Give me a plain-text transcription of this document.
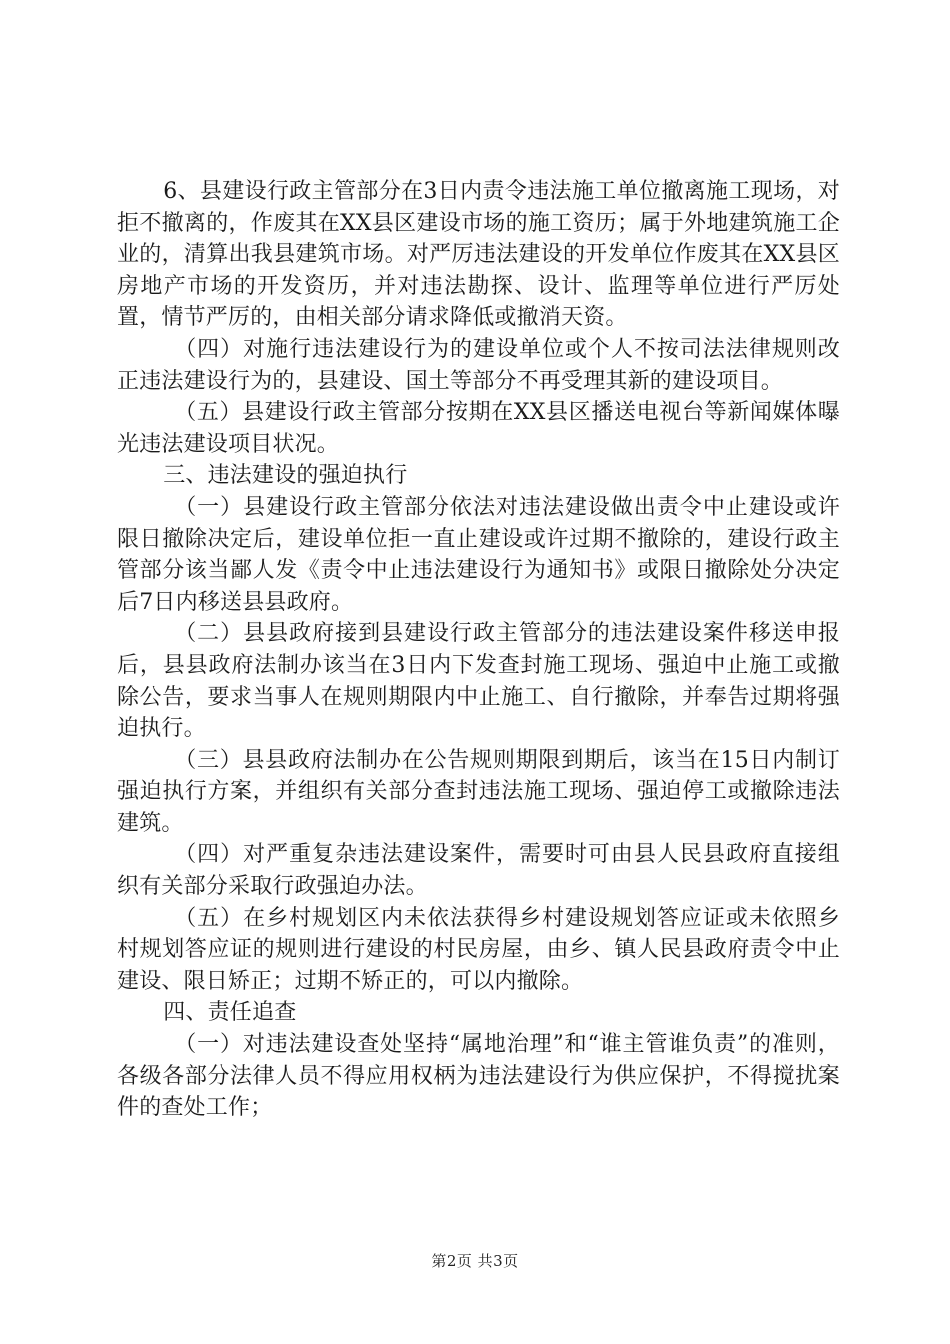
6、县建设行政主管部分在3日内责令违法施工单位撤离施工现场，对拒不撤离的，作废其在XX县区建设市场的施工资历；属于外地建筑施工企业的，清算出我县建筑市场。对严厉违法建设的开发单位作废其在XX县区房地产市场的开发资历，并对违法勘探、设计、监理等单位进行严厉处置，情节严厉的，由相关部分请求降低或撤消天资。

（四）对施行违法建设行为的建设单位或个人不按司法法律规则改正违法建设行为的，县建设、国土等部分不再受理其新的建设项目。

（五）县建设行政主管部分按期在XX县区播送电视台等新闻媒体曝光违法建设项目状况。

三、违法建设的强迫执行

（一）县建设行政主管部分依法对违法建设做出责令中止建设或许限日撤除决定后，建设单位拒一直止建设或许过期不撤除的，建设行政主管部分该当鄙人发《责令中止违法建设行为通知书》或限日撤除处分决定后7日内移送县县政府。

（二）县县政府接到县建设行政主管部分的违法建设案件移送申报后，县县政府法制办该当在3日内下发查封施工现场、强迫中止施工或撤除公告，要求当事人在规则期限内中止施工、自行撤除，并奉告过期将强迫执行。

（三）县县政府法制办在公告规则期限到期后，该当在15日内制订强迫执行方案，并组织有关部分查封违法施工现场、强迫停工或撤除违法建筑。

（四）对严重复杂违法建设案件，需要时可由县人民县政府直接组织有关部分采取行政强迫办法。

（五）在乡村规划区内未依法获得乡村建设规划答应证或未依照乡村规划答应证的规则进行建设的村民房屋，由乡、镇人民县政府责令中止建设、限日矫正；过期不矫正的，可以内撤除。

四、责任追查

（一）对违法建设查处坚持“属地治理”和“谁主管谁负责”的准则，各级各部分法律人员不得应用权柄为违法建设行为供应保护，不得搅扰案件的查处工作；

第2页 共3页
